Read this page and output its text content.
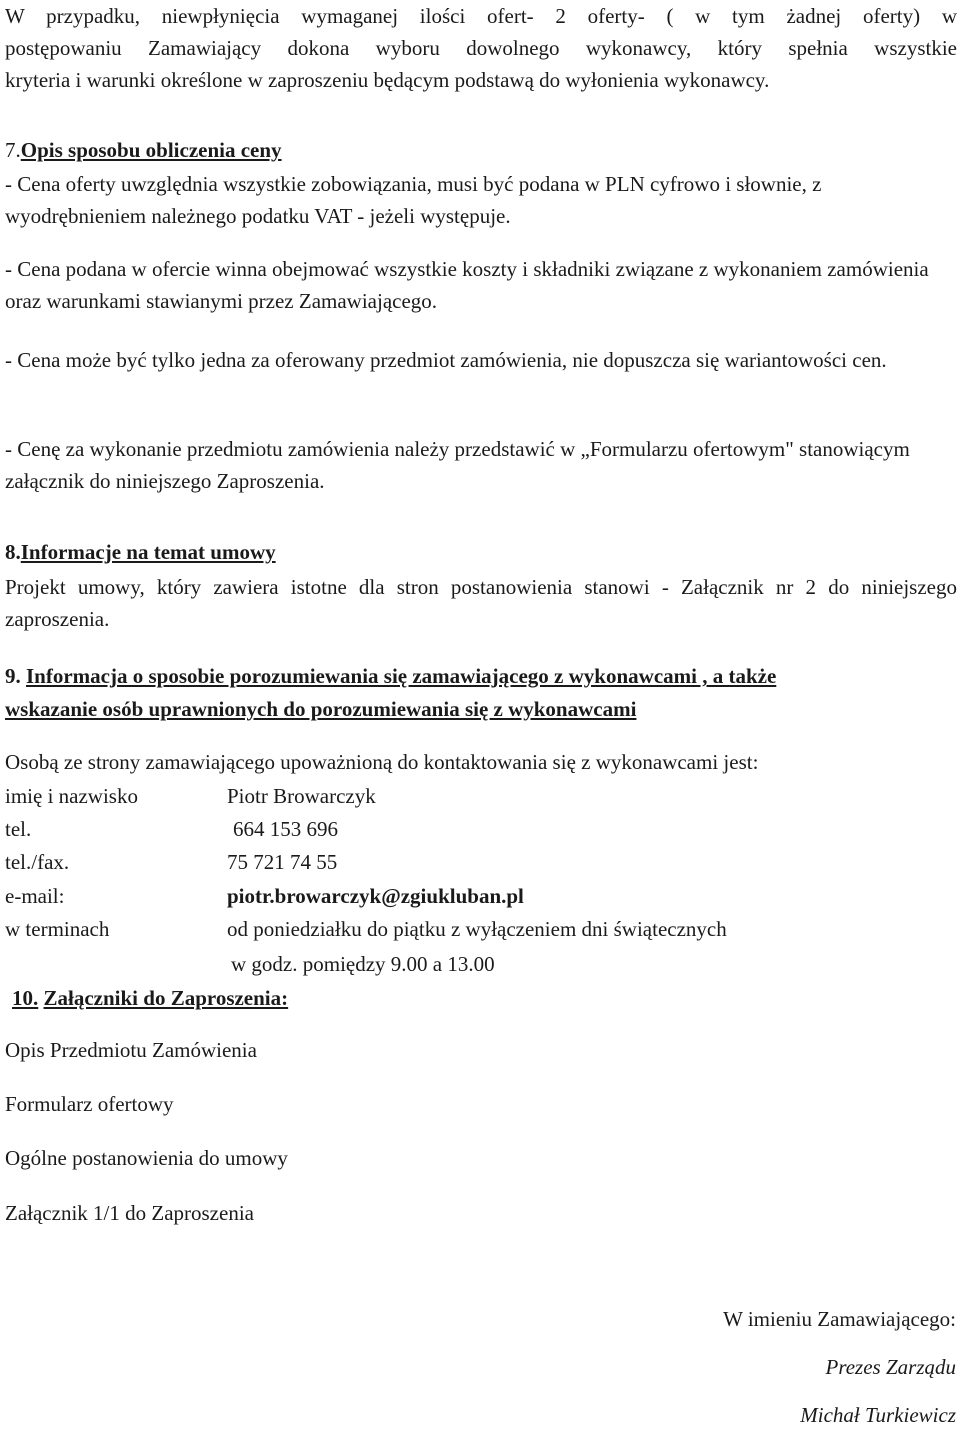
W przypadku, niewpłynięcia wymaganej ilości ofert- 2 oferty- ( w tym żadnej oferty) w
postępowaniu Zamawiający dokona wyboru dowolnego wykonawcy, który spełnia wszystkie
kryteria i warunki określone w zaproszeniu będącym podstawą do wyłonienia wykonawcy.
7.Opis sposobu obliczenia ceny
- Cena oferty uwzględnia wszystkie zobowiązania, musi być podana w PLN cyfrowo i słownie, z wyodrębnieniem należnego podatku VAT - jeżeli występuje.
- Cena podana w ofercie winna obejmować wszystkie koszty i składniki związane z wykonaniem zamówienia oraz warunkami stawianymi przez Zamawiającego.
- Cena może być tylko jedna za oferowany przedmiot zamówienia, nie dopuszcza się wariantowości cen.
- Cenę za wykonanie przedmiotu zamówienia należy przedstawić w „Formularzu ofertowym" stanowiącym załącznik do niniejszego Zaproszenia.
8.Informacje na temat umowy
Projekt umowy, który zawiera istotne dla stron postanowienia stanowi - Załącznik nr 2 do niniejszego zaproszenia.
9. Informacja o sposobie porozumiewania się zamawiającego z wykonawcami , a także
wskazanie osób uprawnionych do porozumiewania się z wykonawcami
Osobą ze strony zamawiającego upoważnioną do kontaktowania się z wykonawcami jest:
imię i nazwisko	Piotr Browarczyk
tel.	664 153 696
tel./fax.	75 721 74 55
e-mail:	piotr.browarczyk@zgiukluban.pl
w terminach	od poniedziałku do piątku z wyłączeniem dni świątecznych
w godz. pomiędzy 9.00 a 13.00
10. Załączniki do Zaproszenia:
Opis Przedmiotu Zamówienia
Formularz ofertowy
Ogólne postanowienia do umowy
Załącznik 1/1 do Zaproszenia
W imieniu Zamawiającego:
Prezes Zarządu
Michał Turkiewicz
